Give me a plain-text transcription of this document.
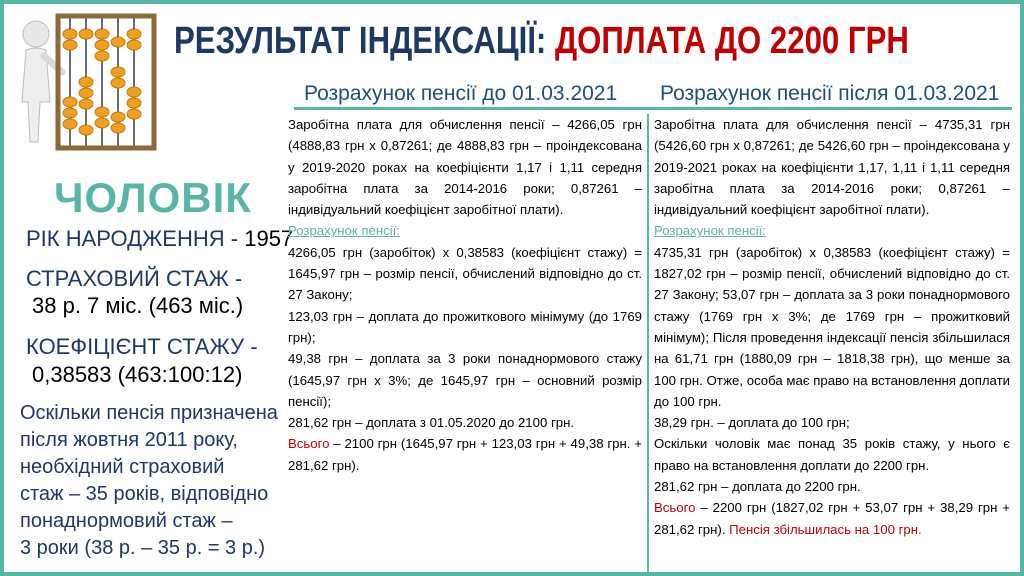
РЕЗУЛЬТАТ ІНДЕКСАЦІЇ: ДОПЛАТА ДО 2200 ГРН
Розрахунок пенсії до 01.03.2021 Розрахунок пенсії після 01.03.2021
ЧОЛОВІК
РІК НАРОДЖЕННЯ - 1957
СТРАХОВИЙ СТАЖ -
38 р. 7 міс. (463 міс.)
КОЕФІЦІЄНТ СТАЖУ -
0,38583 (463:100:12)
Оскільки пенсія призначена
після жовтня 2011 року,
необхідний страховий
стаж – 35 років, відповідно
понаднормовий стаж –
3 роки (38 р. – 35 р. = 3 р.)

Заробітна плата для обчислення пенсії – 4266,05 грн (4888,83 грн х 0,87261; де 4888,83 грн – проіндексована у 2019-2020 роках на коефіцієнти 1,17 і 1,11 середня заробітна плата за 2014-2016 роки; 0,87261 – індивідуальний коефіцієнт заробітної плати).

Розрахунок пенсії:

4266,05 грн (заробіток) х 0,38583 (коефіцієнт стажу) = 1645,97 грн – розмір пенсії, обчислений відповідно до ст. 27 Закону;

123,03 грн – доплата до прожиткового мінімуму (до 1769 грн);

49,38 грн – доплата за 3 роки понаднормового стажу (1645,97 грн х 3%; де 1645,97 грн – основний розмір пенсії);

281,62 грн – доплата з 01.05.2020 до 2100 грн.

Всього – 2100 грн (1645,97 грн + 123,03 грн + 49,38 грн. + 281,62 грн).

Заробітна плата для обчислення пенсії – 4735,31 грн (5426,60 грн х 0,87261; де 5426,60 грн – проіндексована у 2019-2021 роках на коефіцієнти 1,17, 1,11 і 1,11 середня заробітна плата за 2014-2016 роки; 0,87261 – індивідуальний коефіцієнт заробітної плати).

Розрахунок пенсії:

4735,31 грн (заробіток) х 0,38583 (коефіцієнт стажу) = 1827,02 грн – розмір пенсії, обчислений відповідно до ст. 27 Закону; 53,07 грн – доплата за 3 роки понаднормового стажу (1769 грн х 3%; де 1769 грн – прожитковий мінімум); Після проведення індексації пенсія збільшилася на 61,71 грн (1880,09 грн – 1818,38 грн), що менше за 100 грн. Отже, особа має право на встановлення доплати до 100 грн.

38,29 грн. – доплата до 100 грн;

Оскільки чоловік має понад 35 років стажу, у нього є право на встановлення доплати до 2200 грн.

281,62 грн – доплата до 2200 грн.

Всього – 2200 грн (1827,02 грн + 53,07 грн + 38,29 грн + 281,62 грн). Пенсія збільшилась на 100 грн.
